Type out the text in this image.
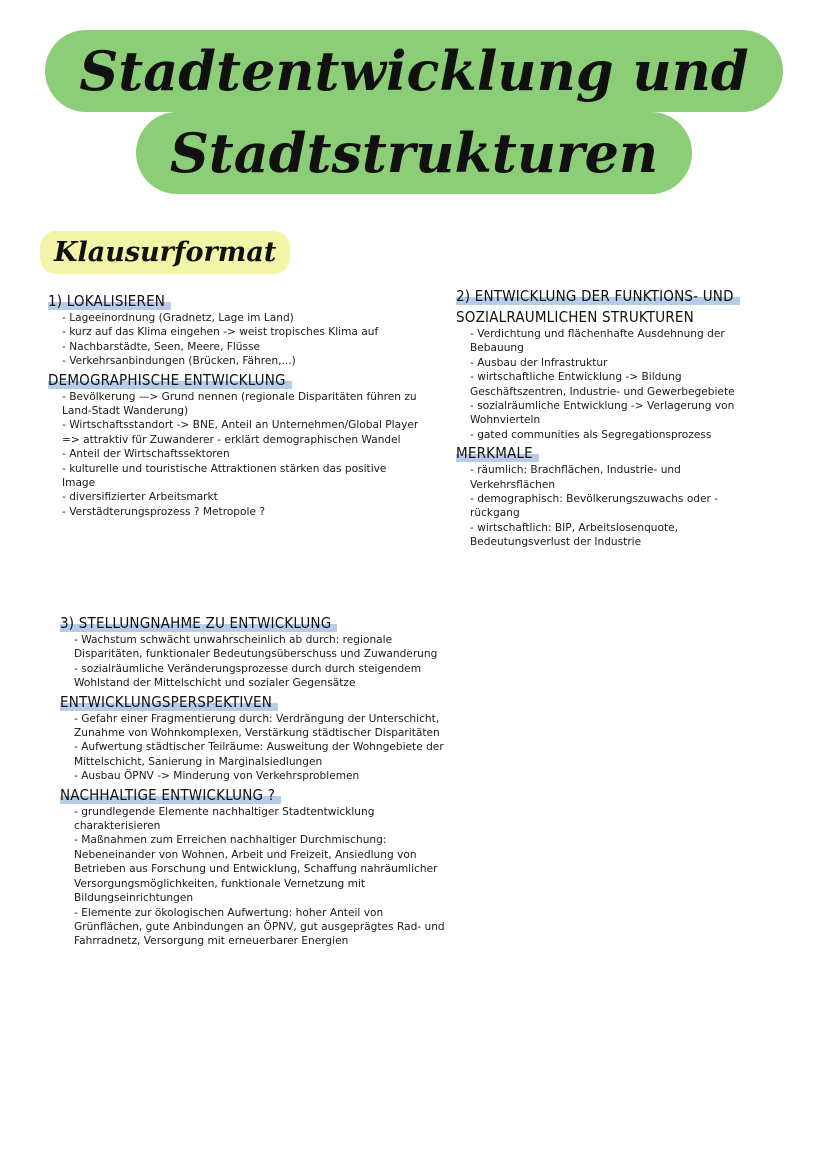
Stadtentwicklung und
Stadtstrukturen
Klausurformat
1) LOKALISIEREN

- Lageeinordnung (Gradnetz, Lage im Land)

- kurz auf das Klima eingehen -> weist tropisches Klima auf

- Nachbarstädte, Seen, Meere, Flüsse

- Verkehrsanbindungen (Brücken, Fähren,...)

DEMOGRAPHISCHE ENTWICKLUNG

- Bevölkerung —> Grund nennen (regionale Disparitäten führen zu Land-Stadt Wanderung)

- Wirtschaftsstandort -> BNE, Anteil an Unternehmen/Global Player => attraktiv für Zuwanderer - erklärt demographischen Wandel

- Anteil der Wirtschaftssektoren

- kulturelle und touristische Attraktionen stärken das positive Image

- diversifizierter Arbeitsmarkt

- Verstädterungsprozess ? Metropole ?

2) ENTWICKLUNG DER FUNKTIONS- UND
SOZIALRAUMLICHEN STRUKTUREN

- Verdichtung und flächenhafte Ausdehnung der Bebauung

- Ausbau der Infrastruktur

- wirtschaftliche Entwicklung -> Bildung Geschäftszentren, Industrie- und Gewerbegebiete

- sozialräumliche Entwicklung -> Verlagerung von Wohnvierteln

- gated communities als Segregationsprozess

MERKMALE

- räumlich: Brachflächen, Industrie- und Verkehrsflächen

- demographisch: Bevölkerungszuwachs oder -rückgang

- wirtschaftlich: BIP, Arbeitslosenquote, Bedeutungsverlust der Industrie

3) STELLUNGNAHME ZU ENTWICKLUNG

- Wachstum schwächt unwahrscheinlich ab durch: regionale Disparitäten, funktionaler Bedeutungsüberschuss und Zuwanderung

- sozialräumliche Veränderungsprozesse durch durch steigendem Wohlstand der Mittelschicht und sozialer Gegensätze

ENTWICKLUNGSPERSPEKTIVEN

- Gefahr einer Fragmentierung durch: Verdrängung der Unterschicht, Zunahme von Wohnkomplexen, Verstärkung städtischer Disparitäten

- Aufwertung städtischer Teilräume: Ausweitung der Wohngebiete der Mittelschicht, Sanierung in Marginalsiedlungen

- Ausbau ÖPNV -> Minderung von Verkehrsproblemen

NACHHALTIGE ENTWICKLUNG ?

- grundlegende Elemente nachhaltiger Stadtentwicklung charakterisieren

- Maßnahmen zum Erreichen nachhaltiger Durchmischung: Nebeneinander von Wohnen, Arbeit und Freizeit, Ansiedlung von Betrieben aus Forschung und Entwicklung, Schaffung nahräumlicher Versorgungsmöglichkeiten, funktionale Vernetzung mit Bildungseinrichtungen

- Elemente zur ökologischen Aufwertung: hoher Anteil von Grünflächen, gute Anbindungen an ÖPNV, gut ausgeprägtes Rad- und Fahrradnetz, Versorgung mit erneuerbarer Energien
